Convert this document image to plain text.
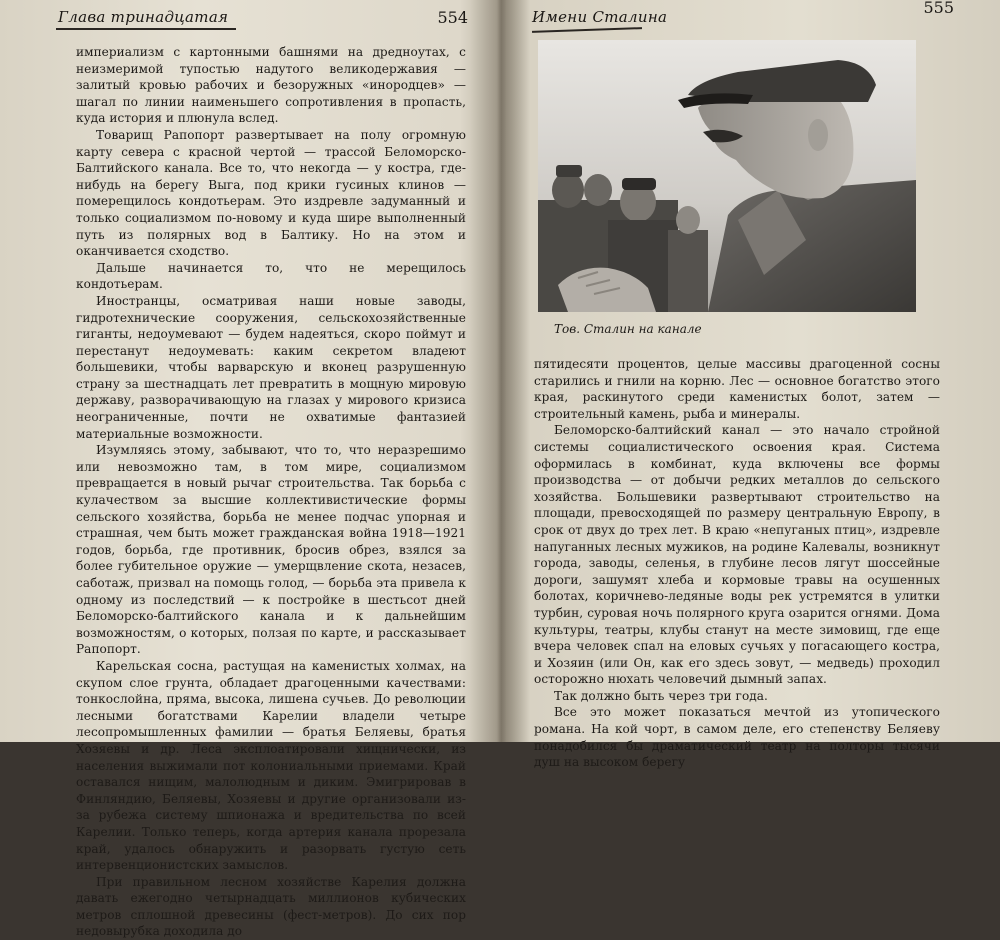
Глава тринадцатая	554

империализм с картонными башнями на дредноутах, с неизмеримой тупостью надутого великодержавия — залитый кровью рабочих и безоружных «инородцев» — шагал по линии наименьшего сопротивления в пропасть, куда история и плюнула вслед.

Товарищ Рапопорт развертывает на полу огромную карту севера с красной чертой — трассой Беломорско-Балтийского канала. Все то, что некогда — у костра, где-нибудь на берегу Выга, под крики гусиных клинов — померещилось кондотьерам. Это издревле задуманный и только социализмом по-новому и куда шире выполненный путь из полярных вод в Балтику. Но на этом и оканчивается сходство.

Дальше начинается то, что не мерещилось кондотьерам.

Иностранцы, осматривая наши новые заводы, гидротехнические сооружения, сельскохозяйственные гиганты, недоумевают — будем надеяться, скоро поймут и перестанут недоумевать: каким секретом владеют большевики, чтобы варварскую и вконец разрушенную страну за шестнадцать лет превратить в мощную мировую державу, разворачивающую на глазах у мирового кризиса неограниченные, почти не охватимые фантазией материальные возможности.

Изумляясь этому, забывают, что то, что неразрешимо или невозможно там, в том мире, социализмом превращается в новый рычаг строительства. Так борьба с кулачеством за высшие коллективистические формы сельского хозяйства, борьба не менее подчас упорная и страшная, чем быть может гражданская война 1918—1921 годов, борьба, где противник, бросив обрез, взялся за более губительное оружие — умерщвление скота, незасев, саботаж, призвал на помощь голод, — борьба эта привела к одному из последствий — к постройке в шестьсот дней Беломорско-балтийского канала и к дальнейшим возможностям, о которых, ползая по карте, и рассказывает Рапопорт.

Карельская сосна, растущая на каменистых холмах, на скупом слое грунта, обладает драгоценными качествами: тонкослойна, пряма, высока, лишена сучьев. До революции лесными богатствами Карелии владели четыре лесопромышленных фамилии — братья Беляевы, братья Хозяевы и др. Леса эксплоатировали хищнически, из населения выжимали пот колониальными приемами. Край оставался нищим, малолюдным и диким. Эмигрировав в Финляндию, Беляевы, Хозяевы и другие организовали из-за рубежа систему шпионажа и вредительства по всей Карелии. Только теперь, когда артерия канала прорезала край, удалось обнаружить и разорвать густую сеть интервенционистских замыслов.

При правильном лесном хозяйстве Карелия должна давать ежегодно четырнадцать миллионов кубических метров сплошной древесины (фест-метров). До сих пор недовырубка доходила до

Имени Сталина	555
Тов. Сталин на канале

пятидесяти процентов, целые массивы драгоценной сосны старились и гнили на корню. Лес — основное богатство этого края, раскинутого среди каменистых болот, затем — строительный камень, рыба и минералы.

Беломорско-балтийский канал — это начало стройной системы социалистического освоения края. Система оформилась в комбинат, куда включены все формы производства — от добычи редких металлов до сельского хозяйства. Большевики развертывают строительство на площади, превосходящей по размеру центральную Европу, в срок от двух до трех лет. В краю «непуганых птиц», издревле напуганных лесных мужиков, на родине Калевалы, возникнут города, заводы, селенья, в глубине лесов лягут шоссейные дороги, зашумят хлеба и кормовые травы на осушенных болотах, коричнево-ледяные воды рек устремятся в улитки турбин, суровая ночь полярного круга озарится огнями. Дома культуры, театры, клубы станут на месте зимовищ, где еще вчера человек спал на еловых сучьях у погасающего костра, и Хозяин (или Он, как его здесь зовут, — медведь) проходил осторожно нюхать человечий дымный запах.

Так должно быть через три года.

Все это может показаться мечтой из утопического романа. На кой чорт, в самом деле, его степенству Беляеву понадобился бы драматический театр на полторы тысячи душ на высоком берегу
